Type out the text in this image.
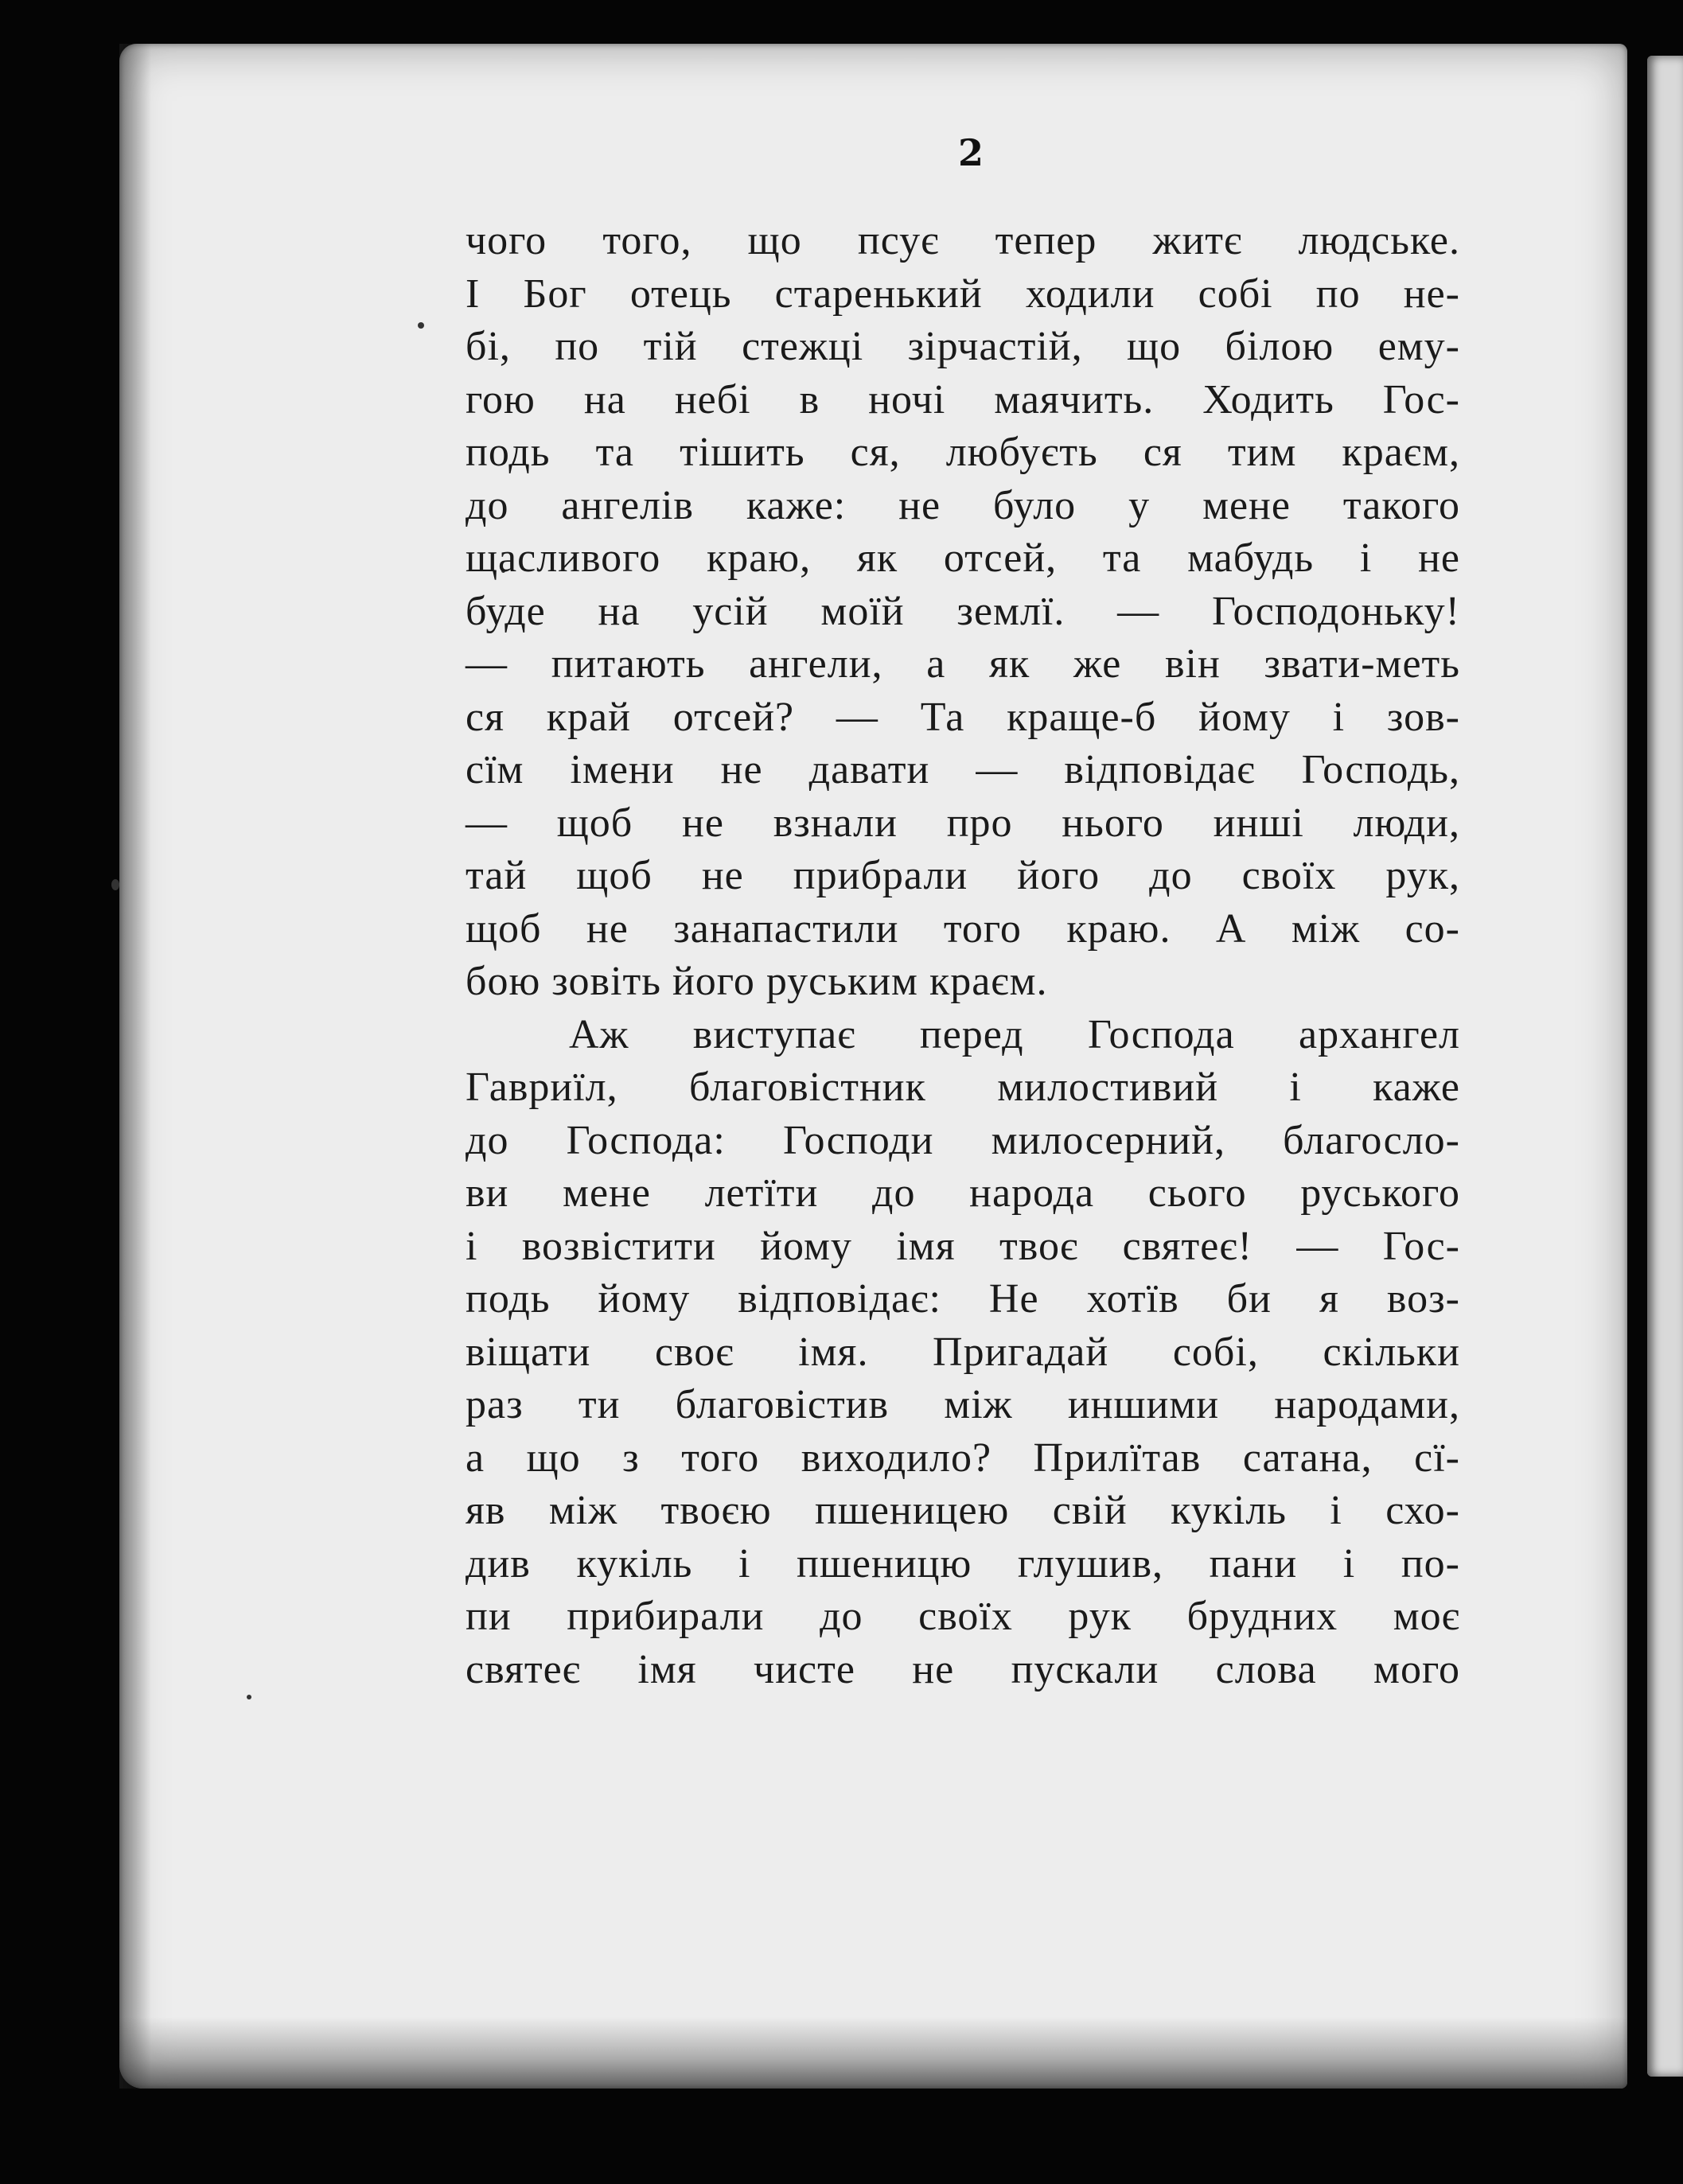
2
чого того, що псує тепер житє людське.
І Бог отець старенький ходили собі по не-
бі, по тій стежці зірчастій, що білою ему-
гою на небі в ночі маячить. Ходить Гос-
подь та тішить ся, любуєть ся тим краєм,
до ангелів каже: не було у мене такого
щасливого краю, як отсей, та мабудь і не
буде на усій моїй землї. — Господоньку!
— питають ангели, а як же він звати-меть
ся край отсей? — Та краще-б йому і зов-
сїм імени не давати — відповідає Господь,
— щоб не взнали про нього инші люди,
тай щоб не прибрали його до своїх рук,
щоб не занапастили того краю. А між со-
бою зовіть його руським краєм.
Аж виступає перед Господа архангел
Гавриїл, благовістник милостивий і каже
до Господа: Господи милосерний, благосло-
ви мене летїти до народа сього руського
і возвістити йому імя твоє святеє! — Гос-
подь йому відповідає: Не хотїв би я воз-
віщати своє імя. Пригадай собі, скільки
раз ти благовістив між иншими народами,
а що з того виходило? Прилїтав сатана, сї-
яв між твоєю пшеницею свій кукіль і схо-
див кукіль і пшеницю глушив, пани і по-
пи прибирали до своїх рук брудних моє
святеє імя чисте не пускали слова мого
